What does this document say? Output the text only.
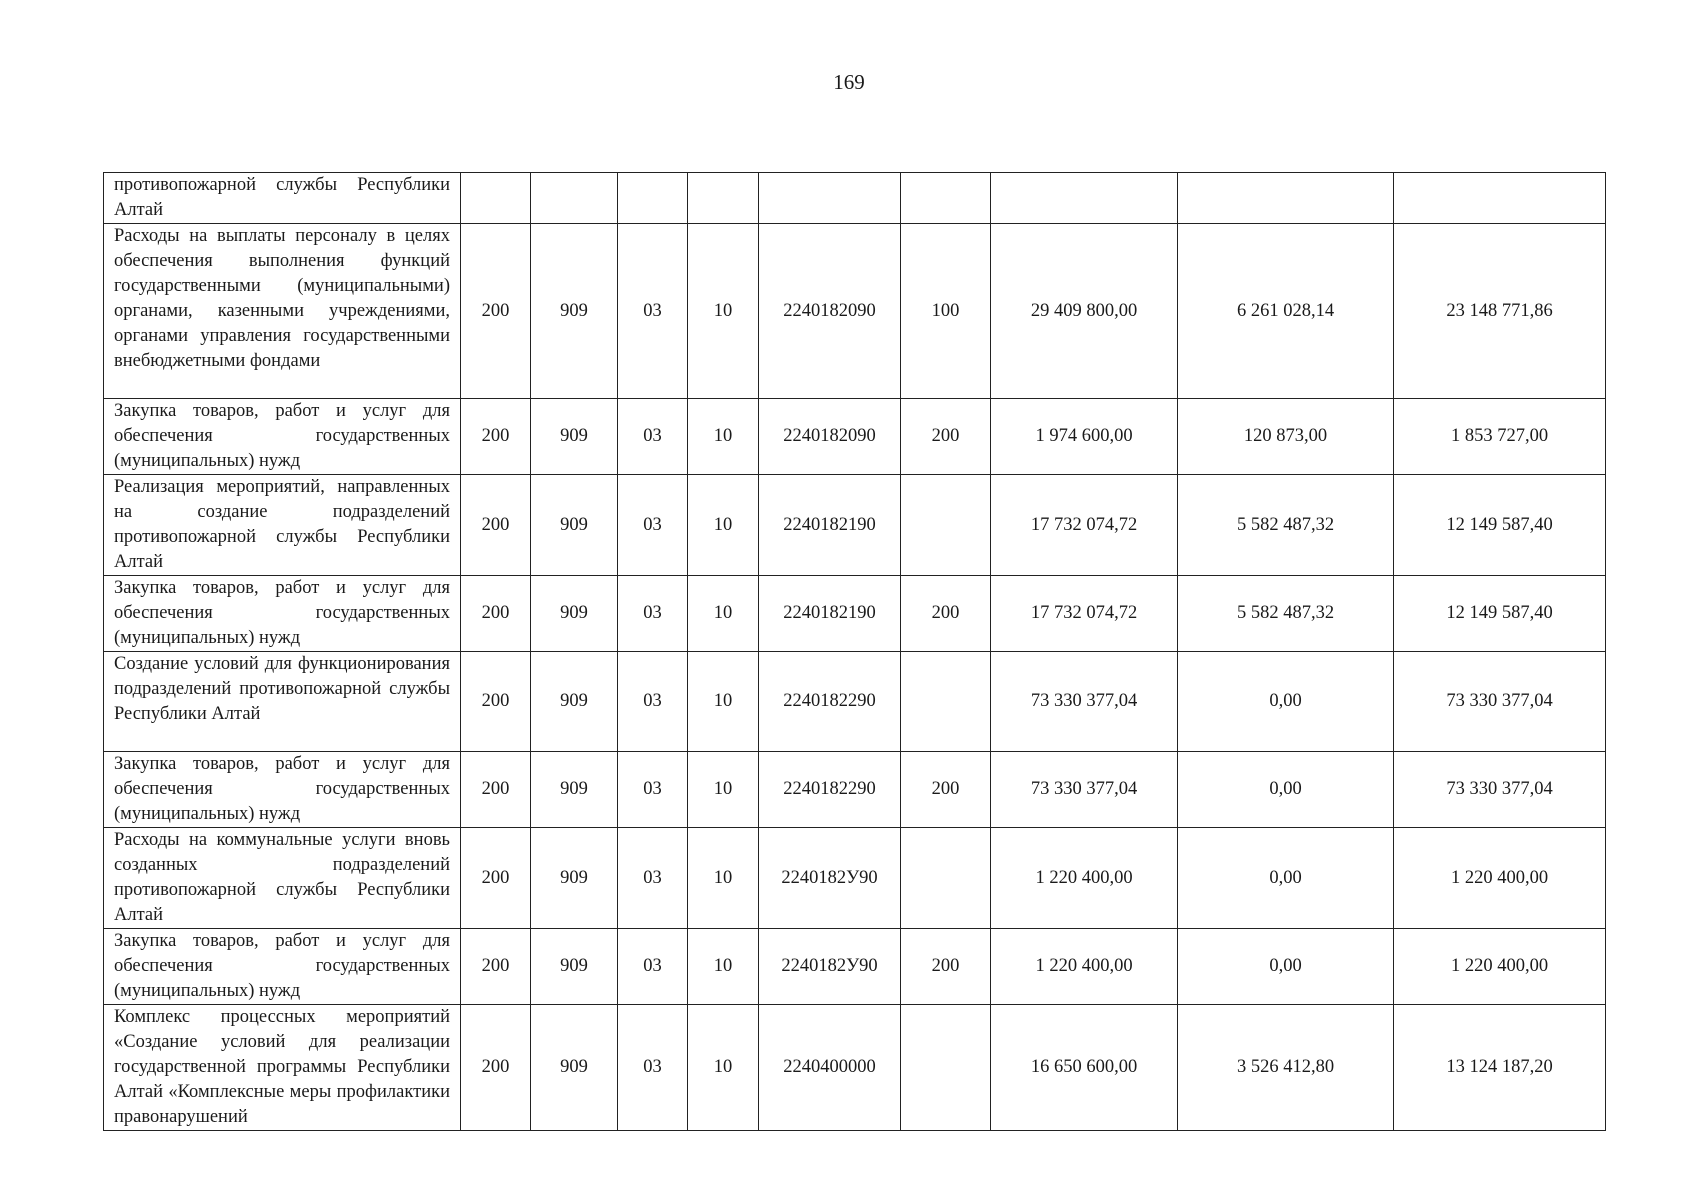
169
противопожарной службы Республики Алтай									

Расходы на выплаты персоналу в целях обеспечения выполнения функций государственными (муниципальными) органами, казенными учреждениями, органами управления государственными внебюджетными фондами	200	909	03	10	2240182090	100	29 409 800,00	6 261 028,14	23 148 771,86

Закупка товаров, работ и услуг для обеспечения государственных (муниципальных) нужд	200	909	03	10	2240182090	200	1 974 600,00	120 873,00	1 853 727,00

Реализация мероприятий, направленных на создание подразделений противопожарной службы Республики Алтай	200	909	03	10	2240182190		17 732 074,72	5 582 487,32	12 149 587,40

Закупка товаров, работ и услуг для обеспечения государственных (муниципальных) нужд	200	909	03	10	2240182190	200	17 732 074,72	5 582 487,32	12 149 587,40

Создание условий для функционирования подразделений противопожарной службы Республики Алтай	200	909	03	10	2240182290		73 330 377,04	0,00	73 330 377,04

Закупка товаров, работ и услуг для обеспечения государственных (муниципальных) нужд	200	909	03	10	2240182290	200	73 330 377,04	0,00	73 330 377,04

Расходы на коммунальные услуги вновь созданных подразделений противопожарной службы Республики Алтай	200	909	03	10	2240182У90		1 220 400,00	0,00	1 220 400,00

Закупка товаров, работ и услуг для обеспечения государственных (муниципальных) нужд	200	909	03	10	2240182У90	200	1 220 400,00	0,00	1 220 400,00

Комплекс процессных мероприятий «Создание условий для реализации государственной программы Республики Алтай «Комплексные меры профилактики правонарушений	200	909	03	10	2240400000		16 650 600,00	3 526 412,80	13 124 187,20
